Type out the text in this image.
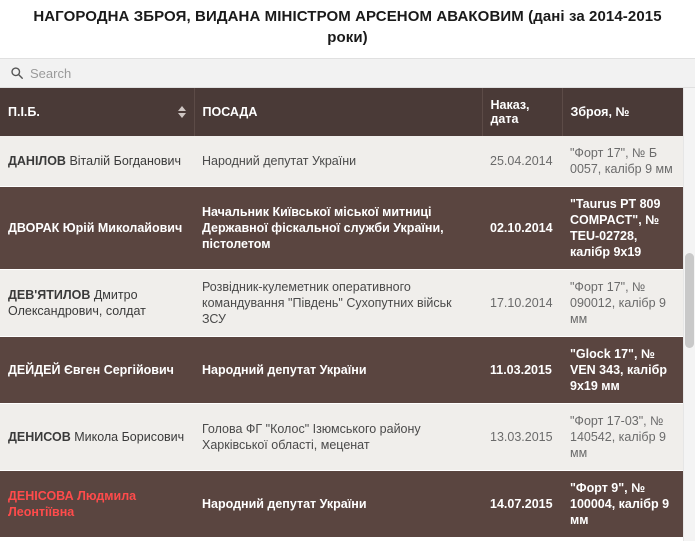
НАГОРОДНА ЗБРОЯ, ВИДАНА МІНІСТРОМ АРСЕНОМ АВАКОВИМ (дані за 2014-2015 роки)
Search
П.І.Б.	ПОСАДА	Наказ, дата	Зброя, №
ДАНІЛОВ Віталій Богданович	Народний депутат України	25.04.2014	"Форт 17", № Б 0057, калібр 9 мм
ДВОРАК Юрій Миколайович	Начальник Київської міської митниці Державної фіскальної служби України, пістолетом	02.10.2014	"Taurus PT 809 COMPACT", № TEU-02728, калібр 9x19
ДЕВ'ЯТИЛОВ Дмитро Олександрович, солдат	Розвідник-кулеметник оперативного командування "Південь" Сухопутних військ ЗСУ	17.10.2014	"Форт 17", № 090012, калібр 9 мм
ДЕЙДЕЙ Євген Сергійович	Народний депутат України	11.03.2015	"Glock 17", № VEN 343, калібр 9x19 мм
ДЕНИСОВ Микола Борисович	Голова ФГ "Колос" Ізюмського району Харківської області, меценат	13.03.2015	"Форт 17-03", № 140542, калібр 9 мм
ДЕНІСОВА Людмила Леонтіївна	Народний депутат України	14.07.2015	"Форт 9", № 100004, калібр 9 мм
